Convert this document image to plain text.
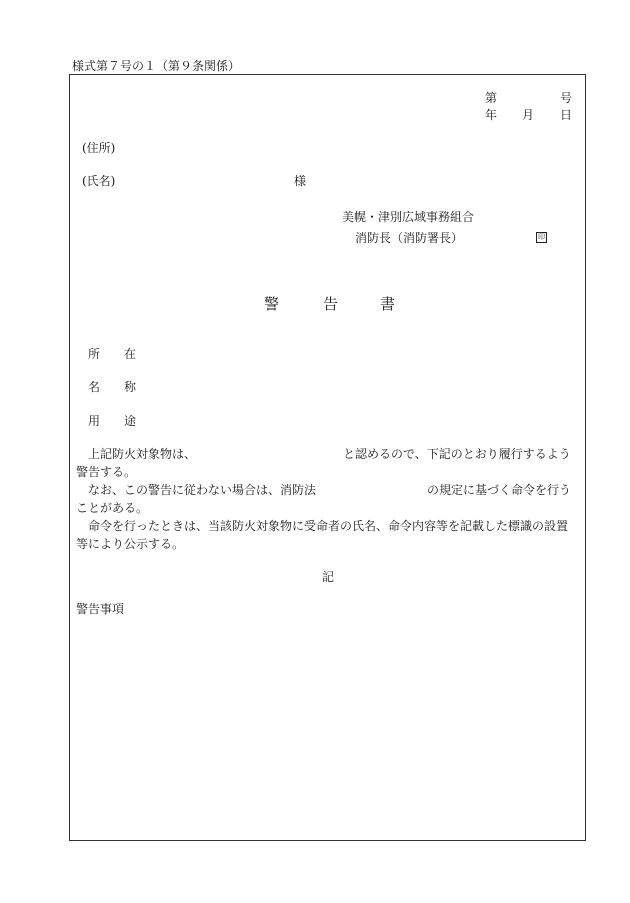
様式第７号の１（第９条関係）
第	号
年 月 日
(住所)
(氏名)	様
美幌・津別広域事務組合
消防長（消防署長）	印
警	告	書
所 在
名 称
用 途
上記防火対象物は、	と認めるので、下記のとおり履行するよう
警告する。
なお、この警告に従わない場合は、消防法	の規定に基づく命令を行う
ことがある。
命令を行ったときは、当該防火対象物に受命者の氏名、命令内容等を記載した標識の設置
等により公示する。
記
警告事項
